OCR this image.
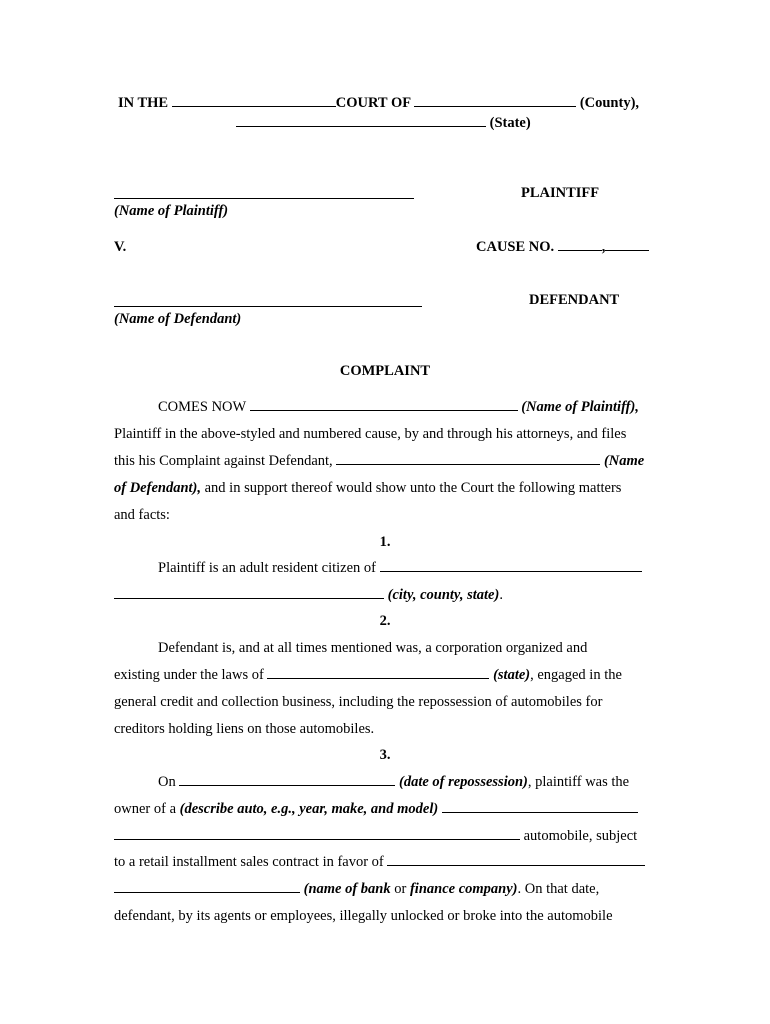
IN THE	COURT OF	(County),
(State)
PLAINTIFF
(Name of Plaintiff)
V.	CAUSE NO.	,
DEFENDANT
(Name of Defendant)
COMPLAINT
COMES NOW	(Name of Plaintiff),
Plaintiff in the above-styled and numbered cause, by and through his attorneys, and files
this his Complaint against Defendant,	(Name
of Defendant), and in support thereof would show unto the Court the following matters
and facts:
1.
Plaintiff is an adult resident citizen of
(city, county, state).
2.
Defendant is, and at all times mentioned was, a corporation organized and
existing under the laws of	(state), engaged in the
general credit and collection business, including the repossession of automobiles for
creditors holding liens on those automobiles.
3.
On	(date of repossession), plaintiff was the
owner of a (describe auto, e.g., year, make, and model)
automobile, subject
to a retail installment sales contract in favor of
(name of bank or finance company). On that date,
defendant, by its agents or employees, illegally unlocked or broke into the automobile
